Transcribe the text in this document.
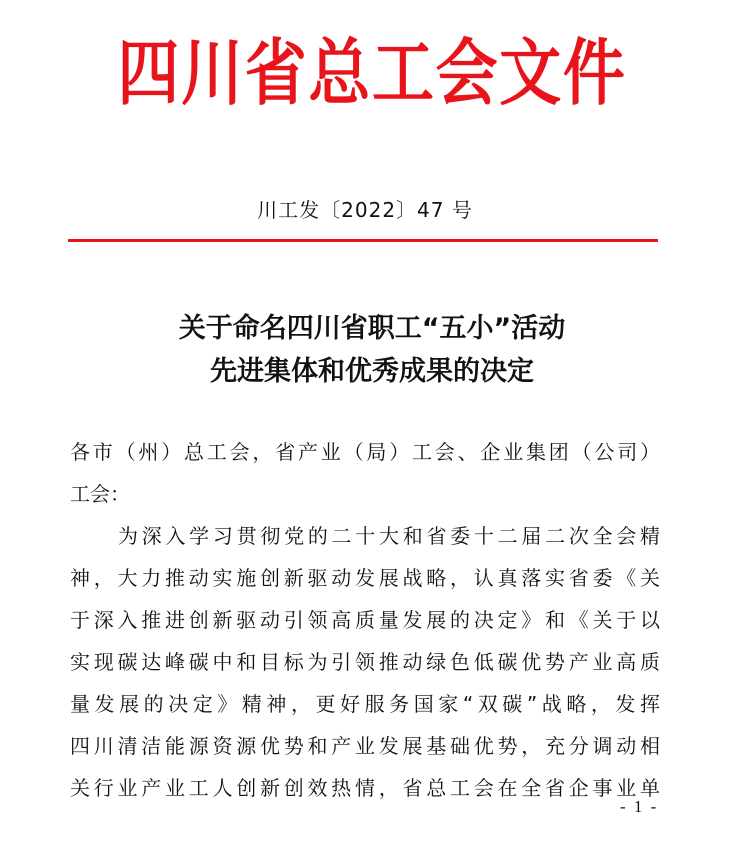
四川省总工会文件
川工发〔2022〕47 号
关于命名四川省职工“五小”活动
先进集体和优秀成果的决定
各市（州）总工会，省产业（局）工会、企业集团（公司）
工会：
为深入学习贯彻党的二十大和省委十二届二次全会精
神，大力推动实施创新驱动发展战略，认真落实省委《关
于深入推进创新驱动引领高质量发展的决定》和《关于以
实现碳达峰碳中和目标为引领推动绿色低碳优势产业高质
量发展的决定》精神，更好服务国家“双碳”战略，发挥
四川清洁能源资源优势和产业发展基础优势，充分调动相
关行业产业工人创新创效热情，省总工会在全省企事业单
- 1 -
